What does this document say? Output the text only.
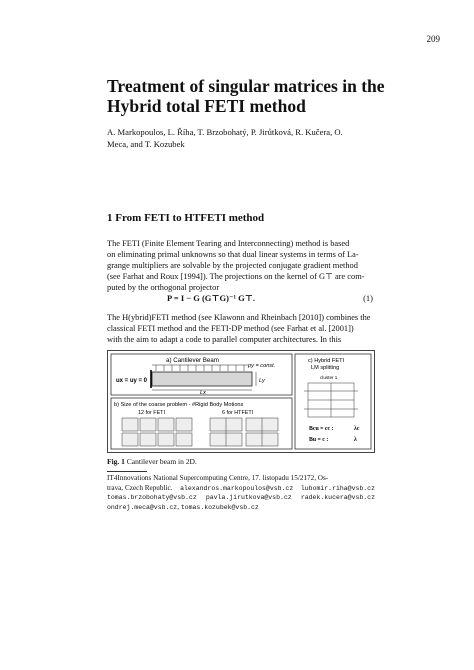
209
Treatment of singular matrices in the
Hybrid total FETI method
A. Markopoulos, L. Říha, T. Brzobohatý, P. Jirůtková, R. Kučera, O.
Meca, and T. Kozubek
1 From FETI to HTFETI method
The FETI (Finite Element Tearing and Interconnecting) method is based
on eliminating primal unknowns so that dual linear systems in terms of La-
grange multipliers are solvable by the projected conjugate gradient method
(see Farhat and Roux [1994]). The projections on the kernel of G⊤ are com-
puted by the orthogonal projector
P = I − G (G⊤G)⁻¹ G⊤.	(1)
The H(ybrid)FETI method (see Klawonn and Rheinbach [2010]) combines the
classical FETI method and the FETI-DP method (see Farhat et al. [2001])
with the aim to adapt a code to parallel computer architectures. In this
a) Cantilever Beam
py = const.
ux = uy = 0	Ly
Lx
b) Size of the coarse problem - #Rigid Body Motions
12 for FETI	6 for HTFETI
c) Hybrid FETI
LM splitting
cluster 1
Bcu = cc :	λc
Bu = c :	λ
Fig. 1 Cantilever beam in 2D.
IT4Innovations National Supercomputing Centre, 17. listopadu 15/2172, Os-
trava, Czech Republic. alexandros.markopoulos@vsb.cz lubomir.riha@vsb.cz
tomas.brzobohaty@vsb.cz pavla.jirutkova@vsb.cz radek.kucera@vsb.cz
ondrej.meca@vsb.cz, tomas.kozubek@vsb.cz
